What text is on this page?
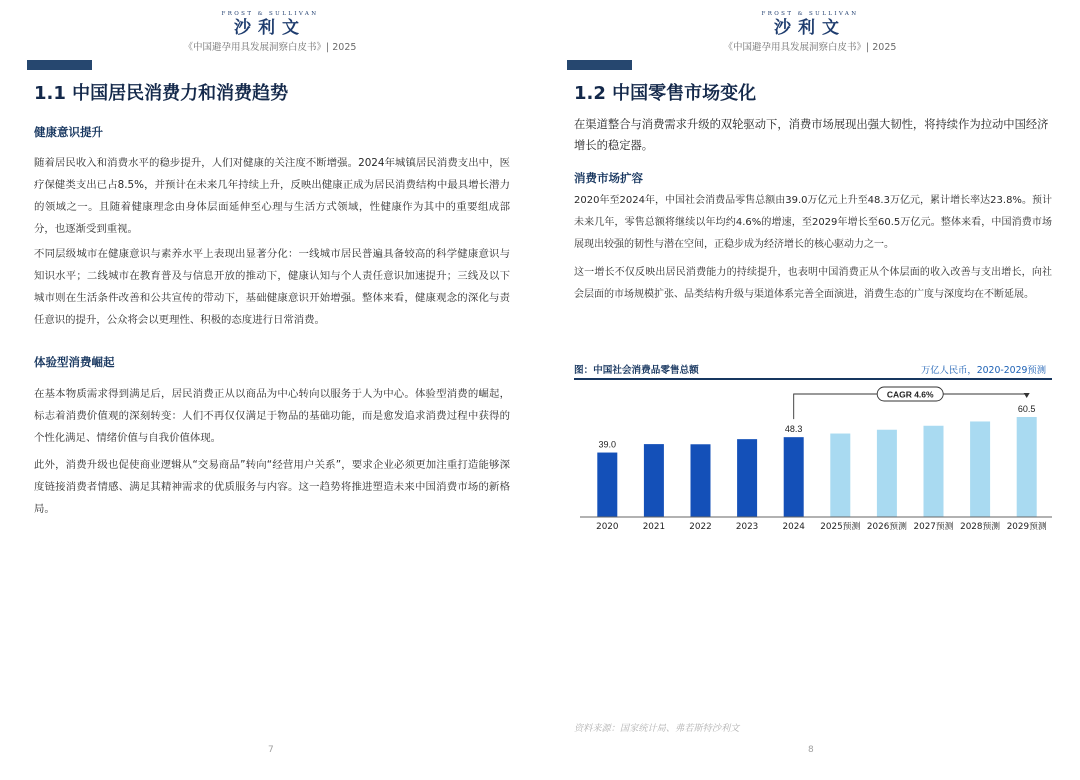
FROST & SULLIVAN
沙利文
《中国避孕用具发展洞察白皮书》| 2025
1.1 中国居民消费力和消费趋势
健康意识提升
随着居民收入和消费水平的稳步提升，人们对健康的关注度不断增强。2024年城镇居民消费支出中，医疗保健类支出已占8.5%，并预计在未来几年持续上升，反映出健康正成为居民消费结构中最具增长潜力的领域之一。且随着健康理念由身体层面延伸至心理与生活方式领域，性健康作为其中的重要组成部分，也逐渐受到重视。
不同层级城市在健康意识与素养水平上表现出显著分化：一线城市居民普遍具备较高的科学健康意识与知识水平；二线城市在教育普及与信息开放的推动下，健康认知与个人责任意识加速提升；三线及以下城市则在生活条件改善和公共宣传的带动下，基础健康意识开始增强。整体来看，健康观念的深化与责任意识的提升，公众将会以更理性、积极的态度进行日常消费。
体验型消费崛起
在基本物质需求得到满足后，居民消费正从以商品为中心转向以服务于人为中心。体验型消费的崛起，标志着消费价值观的深刻转变：人们不再仅仅满足于物品的基础功能，而是愈发追求消费过程中获得的个性化满足、情绪价值与自我价值体现。
此外，消费升级也促使商业逻辑从“交易商品”转向“经营用户关系”，要求企业必须更加注重打造能够深度链接消费者情感、满足其精神需求的优质服务与内容。这一趋势将推进塑造未来中国消费市场的新格局。
7
FROST & SULLIVAN
沙利文
《中国避孕用具发展洞察白皮书》| 2025
1.2 中国零售市场变化
在渠道整合与消费需求升级的双轮驱动下，消费市场展现出强大韧性，将持续作为拉动中国经济增长的稳定器。
消费市场扩容
2020年至2024年，中国社会消费品零售总额由39.0万亿元上升至48.3万亿元，累计增长率达23.8%。预计未来几年，零售总额将继续以年均约4.6%的增速，至2029年增长至60.5万亿元。整体来看，中国消费市场展现出较强的韧性与潜在空间，正稳步成为经济增长的核心驱动力之一。
这一增长不仅反映出居民消费能力的持续提升，也表明中国消费正从个体层面的收入改善与支出增长，向社会层面的市场规模扩张、品类结构升级与渠道体系完善全面演进，消费生态的广度与深度均在不断延展。
图：中国社会消费品零售总额	万亿人民币，2020-2029预测
39.0
2020	2021	2022	2023
48.3
2024 2025预测 2026预测 2027预测 2028预测
60.5
2029预测
CAGR 4.6%
资料来源：国家统计局、弗若斯特沙利文
8
